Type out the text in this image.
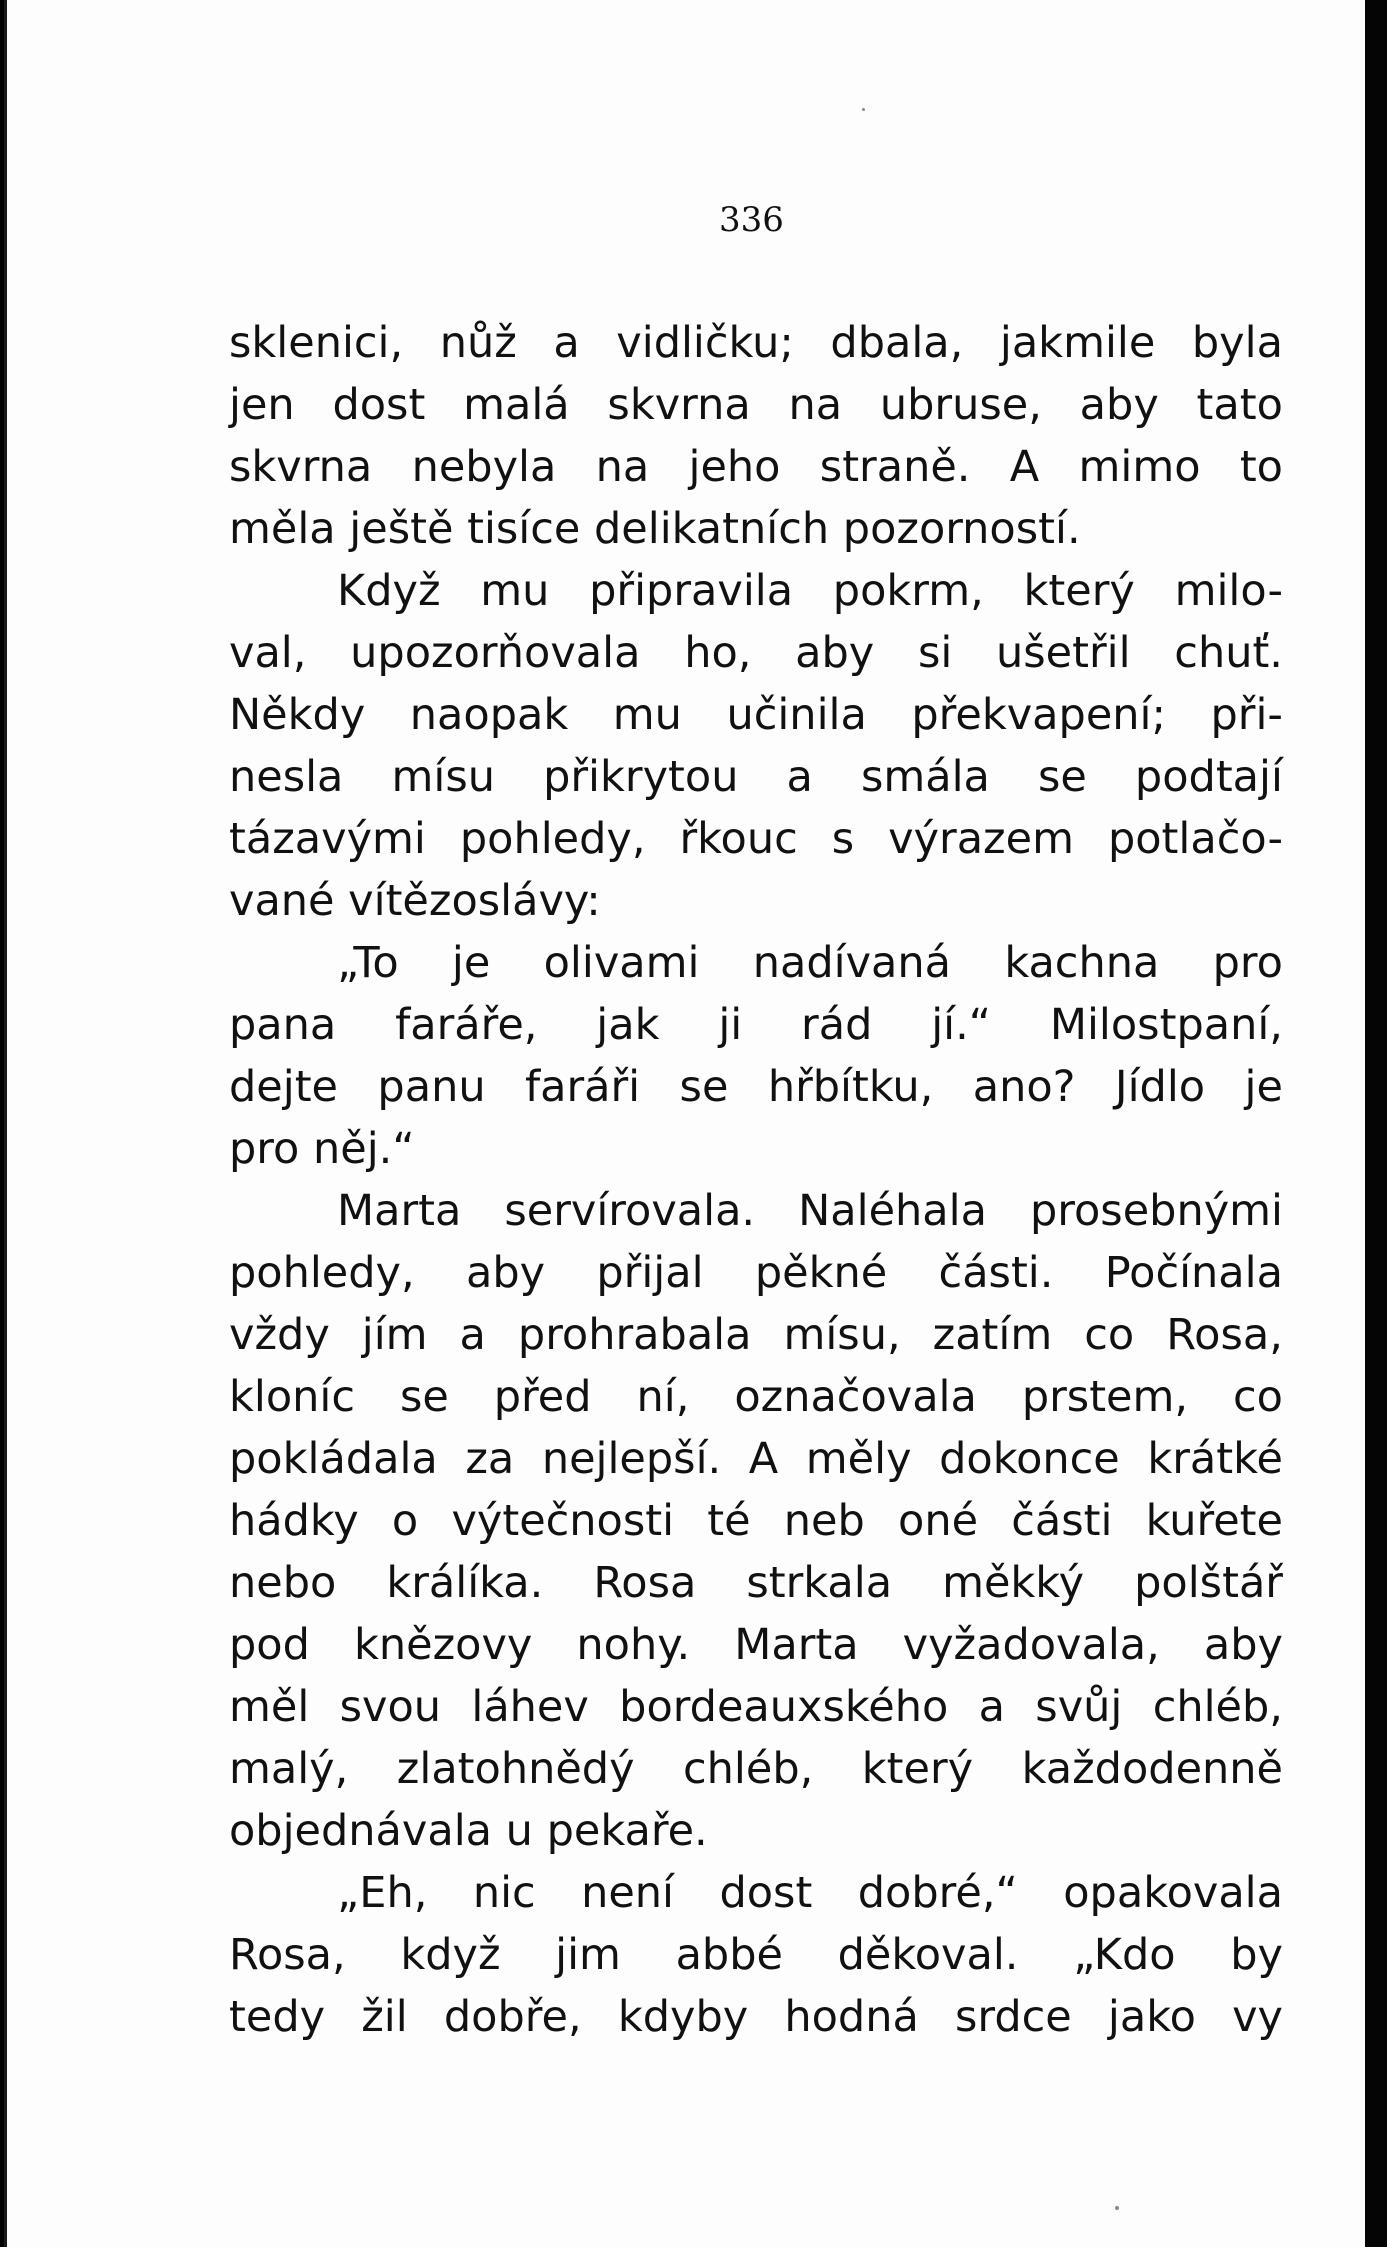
336
sklenici, nůž a vidličku; dbala, jakmile byla
jen dost malá skvrna na ubruse, aby tato
skvrna nebyla na jeho straně. A mimo to
měla ještě tisíce delikatních pozorností.
Když mu připravila pokrm, který milo-
val, upozorňovala ho, aby si ušetřil chuť.
Někdy naopak mu učinila překvapení; při-
nesla mísu přikrytou a smála se podtají
tázavými pohledy, řkouc s výrazem potlačo-
vané vítězoslávy:
„To je olivami nadívaná kachna pro
pana faráře, jak ji rád jí.“ Milostpaní,
dejte panu faráři se hřbítku, ano? Jídlo je
pro něj.“
Marta servírovala. Naléhala prosebnými
pohledy, aby přijal pěkné části. Počínala
vždy jím a prohrabala mísu, zatím co Rosa,
kloníc se před ní, označovala prstem, co
pokládala za nejlepší. A měly dokonce krátké
hádky o výtečnosti té neb oné části kuřete
nebo králíka. Rosa strkala měkký polštář
pod knězovy nohy. Marta vyžadovala, aby
měl svou láhev bordeauxského a svůj chléb,
malý, zlatohnědý chléb, který každodenně
objednávala u pekaře.
„Eh, nic není dost dobré,“ opakovala
Rosa, když jim abbé děkoval. „Kdo by
tedy žil dobře, kdyby hodná srdce jako vy
